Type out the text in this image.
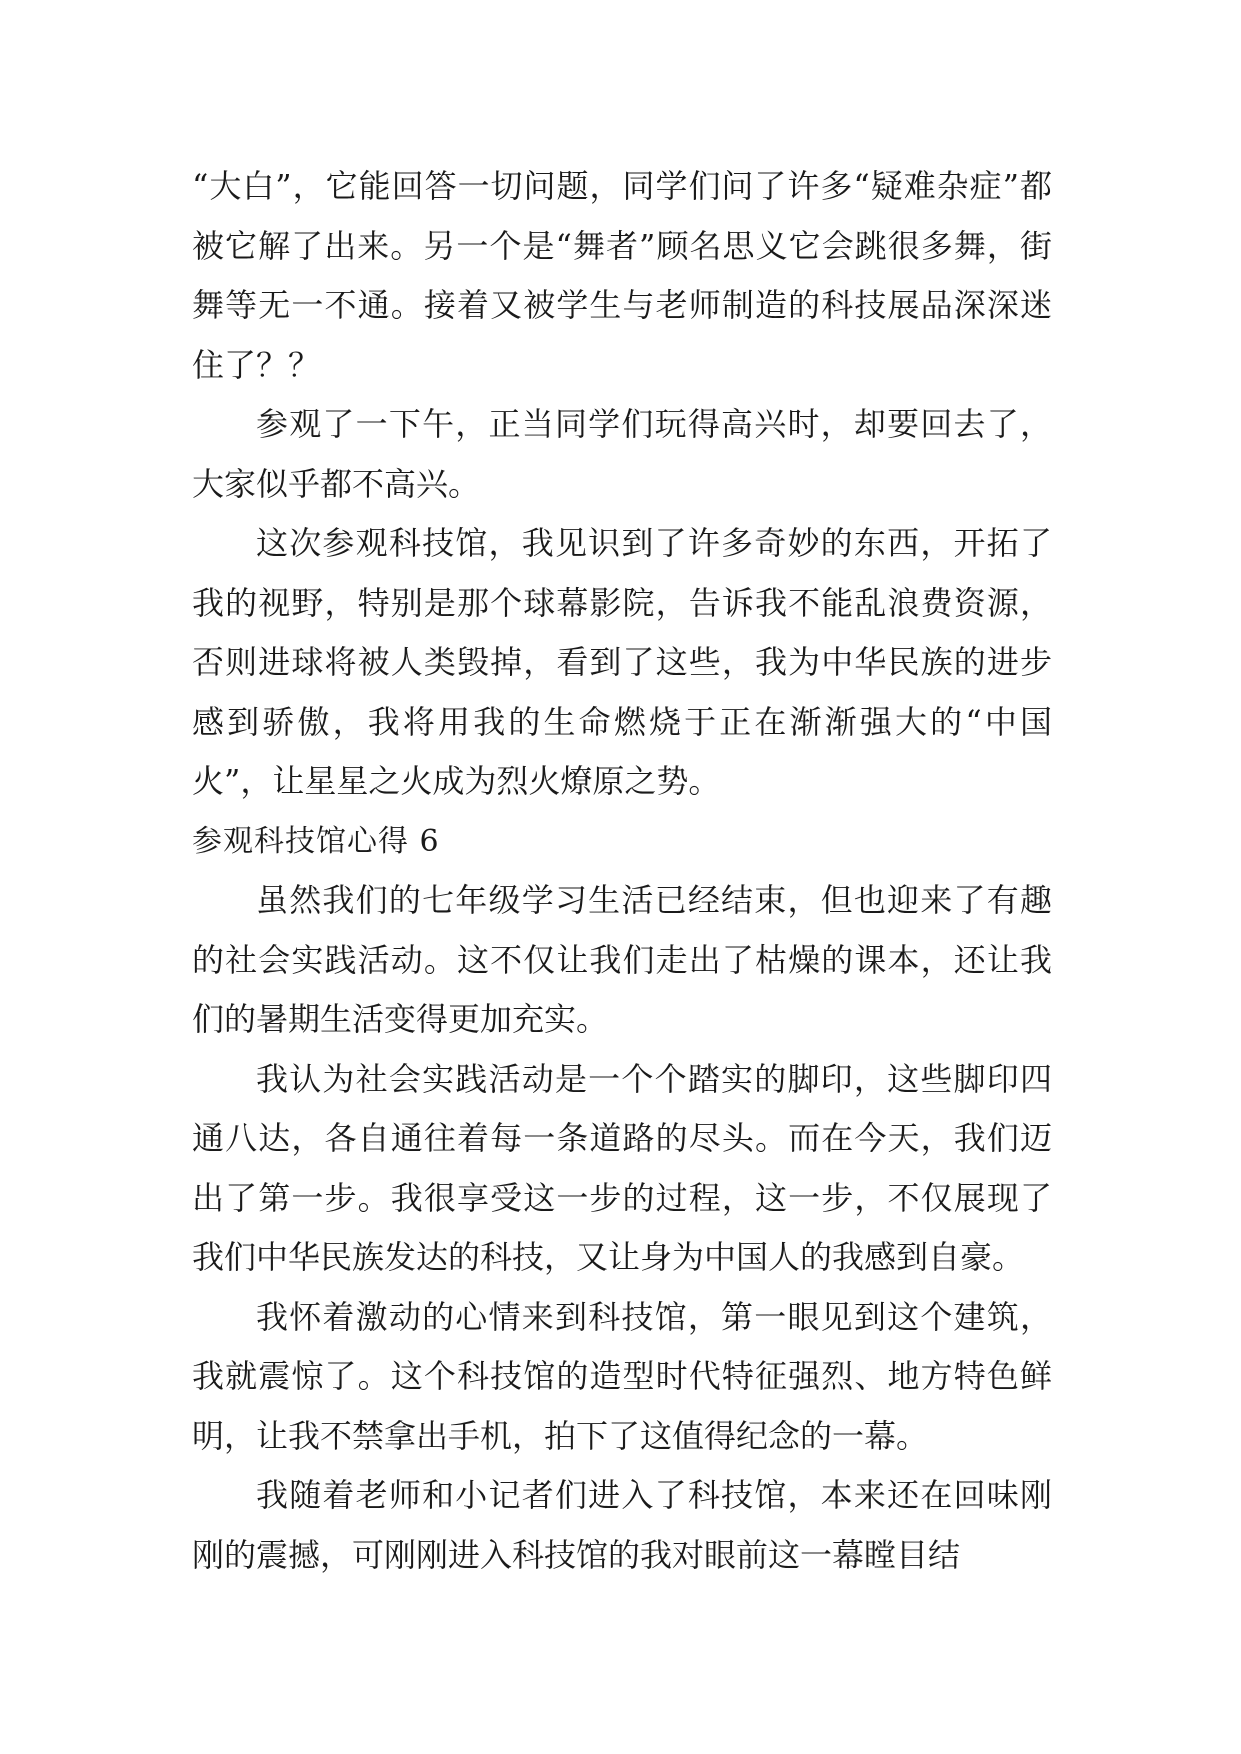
“大白”，它能回答一切问题，同学们问了许多“疑难杂症”都被它解了出来。另一个是“舞者”顾名思义它会跳很多舞，街舞等无一不通。接着又被学生与老师制造的科技展品深深迷住了？？

参观了一下午，正当同学们玩得高兴时，却要回去了，大家似乎都不高兴。

这次参观科技馆，我见识到了许多奇妙的东西，开拓了我的视野，特别是那个球幕影院，告诉我不能乱浪费资源，否则进球将被人类毁掉，看到了这些，我为中华民族的进步感到骄傲，我将用我的生命燃烧于正在渐渐强大的“中国火”，让星星之火成为烈火燎原之势。

参观科技馆心得 6

虽然我们的七年级学习生活已经结束，但也迎来了有趣的社会实践活动。这不仅让我们走出了枯燥的课本，还让我们的暑期生活变得更加充实。

我认为社会实践活动是一个个踏实的脚印，这些脚印四通八达，各自通往着每一条道路的尽头。而在今天，我们迈出了第一步。我很享受这一步的过程，这一步，不仅展现了我们中华民族发达的科技，又让身为中国人的我感到自豪。

我怀着激动的心情来到科技馆，第一眼见到这个建筑，我就震惊了。这个科技馆的造型时代特征强烈、地方特色鲜明，让我不禁拿出手机，拍下了这值得纪念的一幕。

我随着老师和小记者们进入了科技馆，本来还在回味刚刚的震撼，可刚刚进入科技馆的我对眼前这一幕瞠目结
